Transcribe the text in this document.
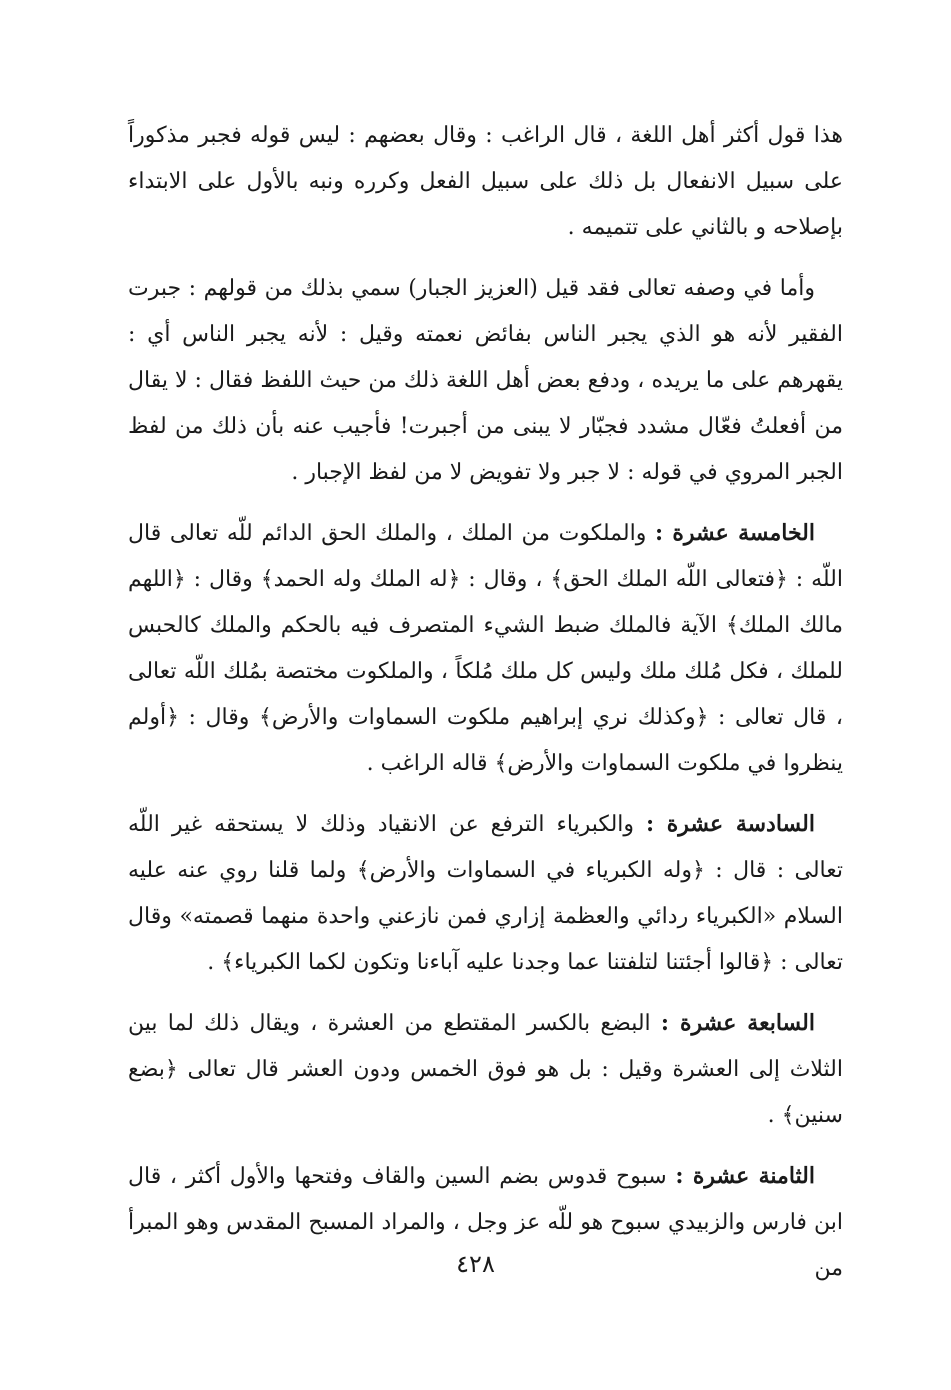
هذا قول أكثر أهل اللغة ، قال الراغب : وقال بعضهم : ليس قوله فجبر مذكوراً على سبيل الانفعال بل ذلك على سبيل الفعل وكرره ونبه بالأول على الابتداء بإصلاحه و بالثاني على تتميمه .

وأما في وصفه تعالى فقد قيل (العزيز الجبار) سمي بذلك من قولهم : جبرت الفقير لأنه هو الذي يجبر الناس بفائض نعمته وقيل : لأنه يجبر الناس أي : يقهرهم على ما يريده ، ودفع بعض أهل اللغة ذلك من حيث اللفظ فقال : لا يقال من أفعلتُ فعّال مشدد فجبّار لا يبنى من أجبرت! فأجيب عنه بأن ذلك من لفظ الجبر المروي في قوله : لا جبر ولا تفويض لا من لفظ الإجبار .

الخامسة عشرة : والملكوت من الملك ، والملك الحق الدائم للّه تعالى قال اللّه : ﴿فتعالى اللّه الملك الحق﴾ ، وقال : ﴿له الملك وله الحمد﴾ وقال : ﴿اللهم مالك الملك﴾ الآية فالملك ضبط الشيء المتصرف فيه بالحكم والملك كالحبس للملك ، فكل مُلك ملك وليس كل ملك مُلكاً ، والملكوت مختصة بمُلك اللّه تعالى ، قال تعالى : ﴿وكذلك نري إبراهيم ملكوت السماوات والأرض﴾ وقال : ﴿أولم ينظروا في ملكوت السماوات والأرض﴾ قاله الراغب .

السادسة عشرة : والكبرياء الترفع عن الانقياد وذلك لا يستحقه غير اللّه تعالى : قال : ﴿وله الكبرياء في السماوات والأرض﴾ ولما قلنا روي عنه عليه السلام «الكبرياء ردائي والعظمة إزاري فمن نازعني واحدة منهما قصمته» وقال تعالى : ﴿قالوا أجئتنا لتلفتنا عما وجدنا عليه آباءنا وتكون لكما الكبرياء﴾ .

السابعة عشرة : البضع بالكسر المقتطع من العشرة ، ويقال ذلك لما بين الثلاث إلى العشرة وقيل : بل هو فوق الخمس ودون العشر قال تعالى ﴿بضع سنين﴾ .

الثامنة عشرة : سبوح قدوس بضم السين والقاف وفتحها والأول أكثر ، قال ابن فارس والزبيدي سبوح هو للّه عز وجل ، والمراد المسبح المقدس وهو المبرأ من

٤٢٨
